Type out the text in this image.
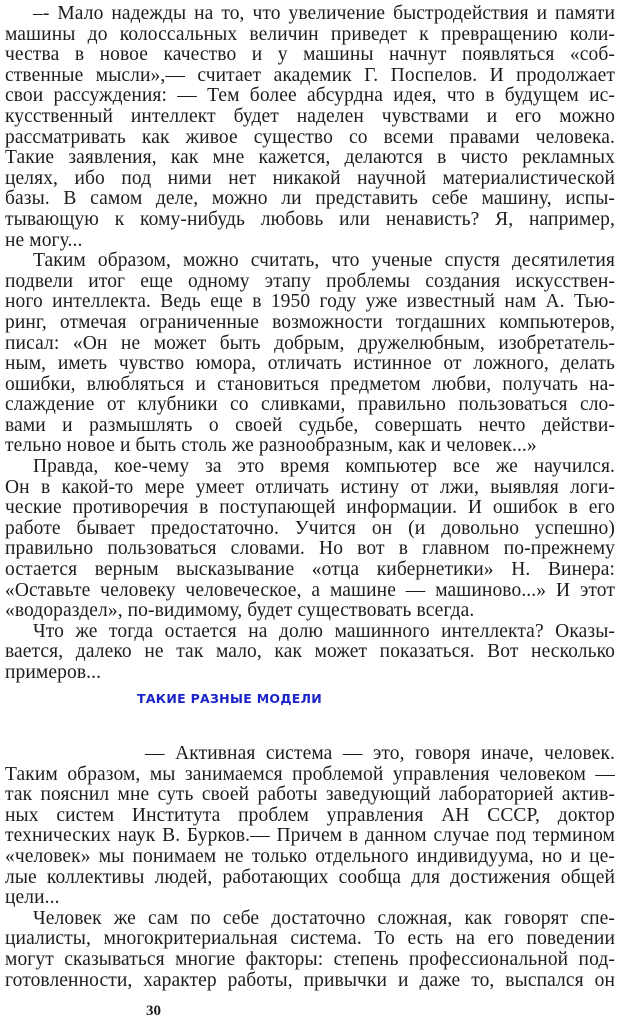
–- Мало надежды на то, что увеличение быстродействия и памяти
машины до колоссальных величин приведет к превращению коли-
чества в новое качество и у машины начнут появляться «соб-
ственные мысли»,— считает академик Г. Поспелов. И продолжает
свои рассуждения: — Тем более абсурдна идея, что в будущем ис-
кусственный интеллект будет наделен чувствами и его можно
рассматривать как живое существо со всеми правами человека.
Такие заявления, как мне кажется, делаются в чисто рекламных
целях, ибо под ними нет никакой научной материалистической
базы. В самом деле, можно ли представить себе машину, испы-
тывающую к кому-нибудь любовь или ненависть? Я, например,
не могу...
Таким образом, можно считать, что ученые спустя десятилетия
подвели итог еще одному этапу проблемы создания искусствен-
ного интеллекта. Ведь еще в 1950 году уже известный нам А. Тью-
ринг, отмечая ограниченные возможности тогдашних компьютеров,
писал: «Он не может быть добрым, дружелюбным, изобретатель-
ным, иметь чувство юмора, отличать истинное от ложного, делать
ошибки, влюбляться и становиться предметом любви, получать на-
слаждение от клубники со сливками, правильно пользоваться сло-
вами и размышлять о своей судьбе, совершать нечто действи-
тельно новое и быть столь же разнообразным, как и человек...»
Правда, кое-чему за это время компьютер все же научился.
Он в какой-то мере умеет отличать истину от лжи, выявляя логи-
ческие противоречия в поступающей информации. И ошибок в его
работе бывает предостаточно. Учится он (и довольно успешно)
правильно пользоваться словами. Но вот в главном по-прежнему
остается верным высказывание «отца кибернетики» Н. Винера:
«Оставьте человеку человеческое, а машине — машиново...» И этот
«водораздел», по-видимому, будет существовать всегда.
Что же тогда остается на долю машинного интеллекта? Оказы-
вается, далеко не так мало, как может показаться. Вот несколько
примеров...
ТАКИЕ РАЗНЫЕ МОДЕЛИ
— Активная система — это, говоря иначе, человек.
Таким образом, мы занимаемся проблемой управления человеком —
так пояснил мне суть своей работы заведующий лабораторией актив-
ных систем Института проблем управления АН СССР, доктор
технических наук В. Бурков.— Причем в данном случае под термином
«человек» мы понимаем не только отдельного индивидуума, но и це-
лые коллективы людей, работающих сообща для достижения общей
цели...
Человек же сам по себе достаточно сложная, как говорят спе-
циалисты, многокритериальная система. То есть на его поведении
могут сказываться многие факторы: степень профессиональной под-
готовленности, характер работы, привычки и даже то, выспался он
30
